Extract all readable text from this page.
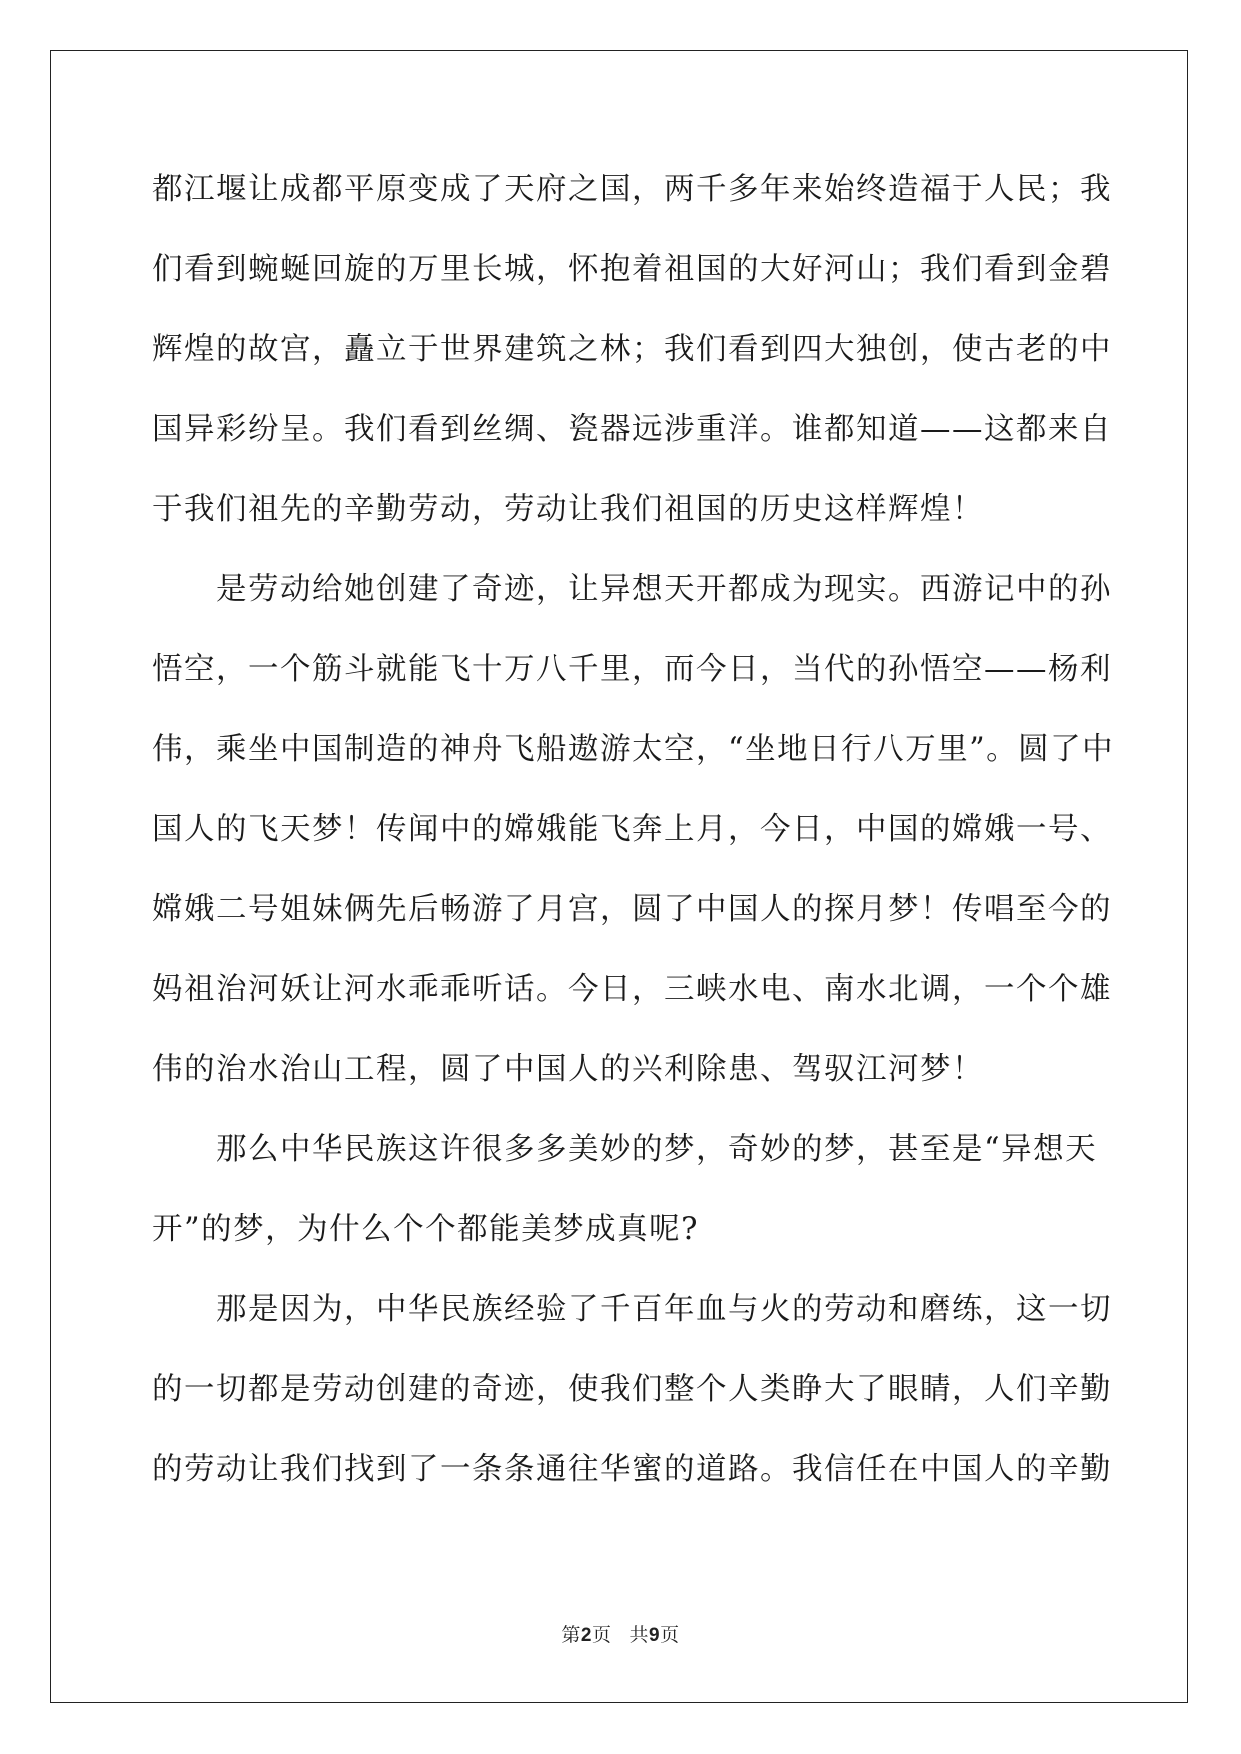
都江堰让成都平原变成了天府之国，两千多年来始终造福于人民；我
们看到蜿蜒回旋的万里长城，怀抱着祖国的大好河山；我们看到金碧
辉煌的故宫，矗立于世界建筑之林；我们看到四大独创，使古老的中
国异彩纷呈。我们看到丝绸、瓷器远涉重洋。谁都知道——这都来自
于我们祖先的辛勤劳动，劳动让我们祖国的历史这样辉煌！
是劳动给她创建了奇迹，让异想天开都成为现实。西游记中的孙
悟空，一个筋斗就能飞十万八千里，而今日，当代的孙悟空——杨利
伟，乘坐中国制造的神舟飞船遨游太空，“坐地日行八万里”。圆了中
国人的飞天梦！传闻中的嫦娥能飞奔上月，今日，中国的嫦娥一号、
嫦娥二号姐妹俩先后畅游了月宫，圆了中国人的探月梦！传唱至今的
妈祖治河妖让河水乖乖听话。今日，三峡水电、南水北调，一个个雄
伟的治水治山工程，圆了中国人的兴利除患、驾驭江河梦！
那么中华民族这许很多多美妙的梦，奇妙的梦，甚至是“异想天
开”的梦，为什么个个都能美梦成真呢?
那是因为，中华民族经验了千百年血与火的劳动和磨练，这一切
的一切都是劳动创建的奇迹，使我们整个人类睁大了眼睛，人们辛勤
的劳动让我们找到了一条条通往华蜜的道路。我信任在中国人的辛勤
第2页 共9页
